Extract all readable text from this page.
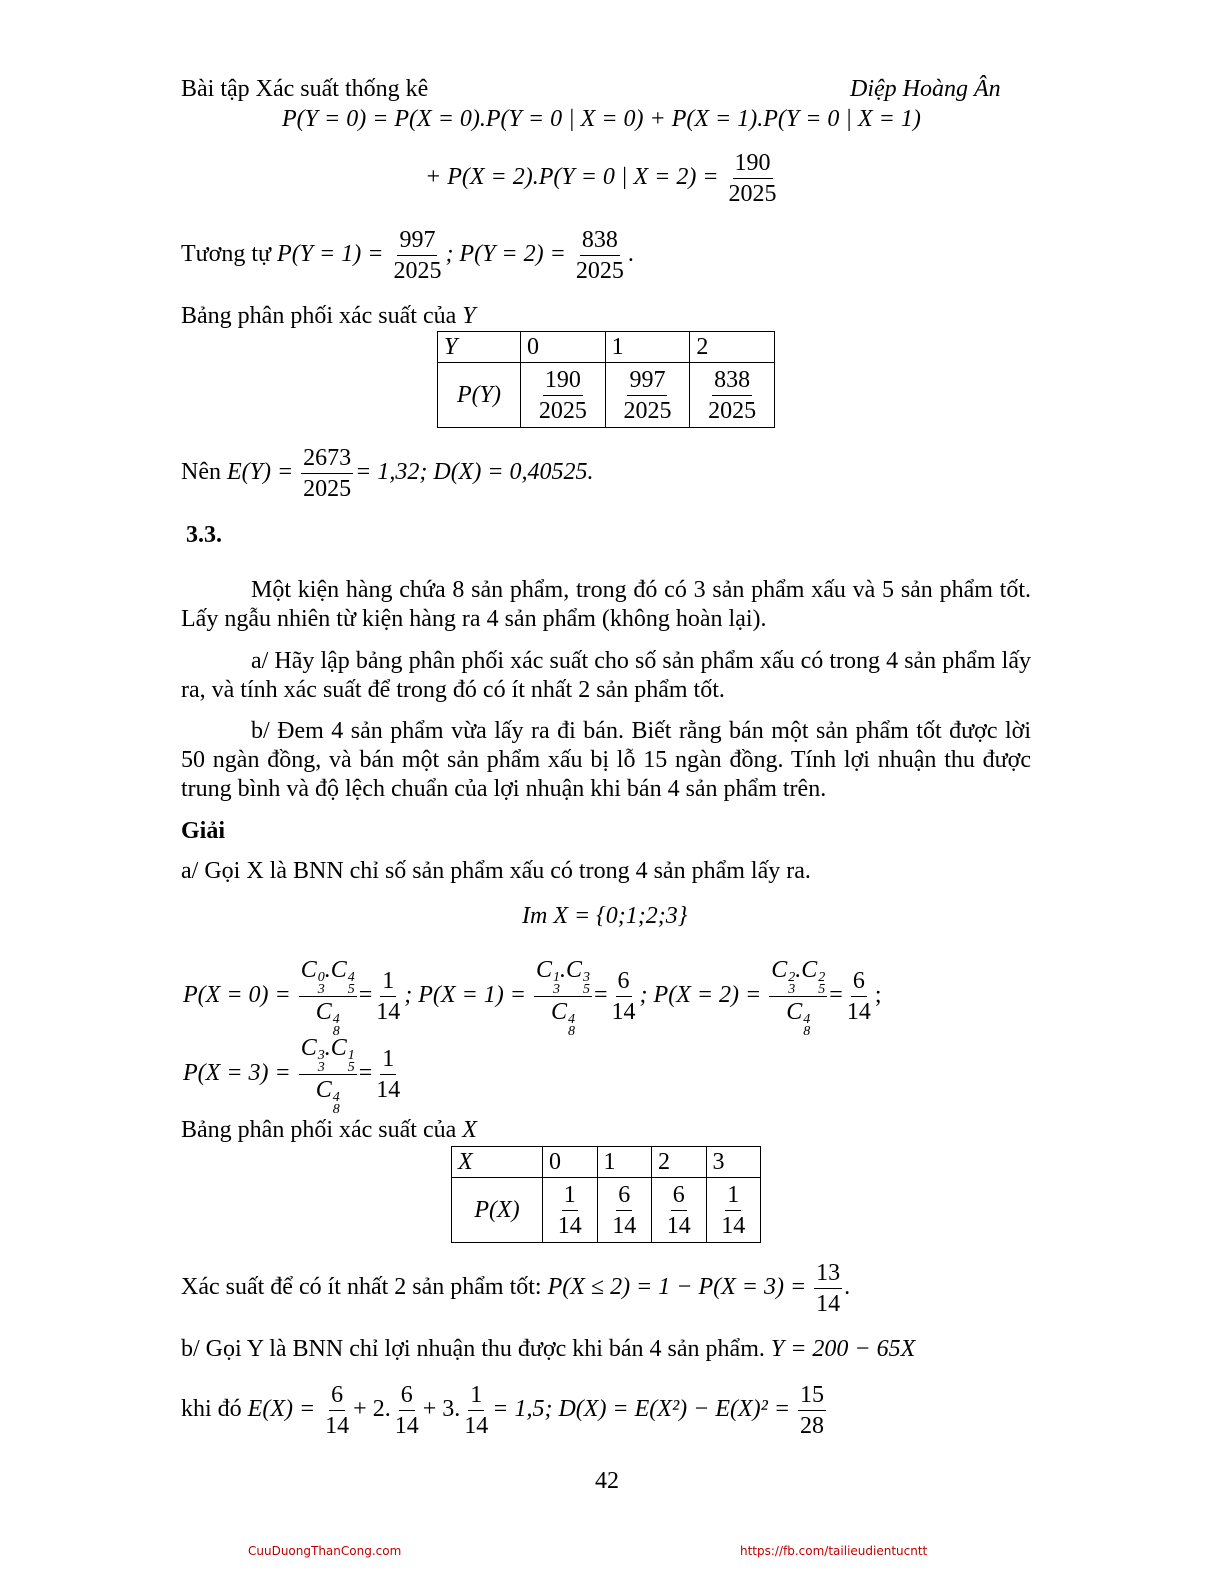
Bài tập Xác suất thống kê	Diệp Hoàng Ân
P(Y = 0) = P(X = 0).P(Y = 0 | X = 0) + P(X = 1).P(Y = 0 | X = 1)
+ P(X = 2).P(Y = 0 | $X = 2) = \frac{190}{2025}$
Tương tự $P(Y = 1) = \frac{997}{2025}$ ; $P(Y = 2) = \frac{838}{2025}$ .
Bảng phân phối xác suất của Y
Y	0	1	2
P(Y)	$\frac{190}{2025}$	$\frac{997}{2025}$	$\frac{838}{2025}$
Nên $E(Y) = \frac{2673}{2025} = 1,32$; D(X) = 0,40525.
3.3.
Một kiện hàng chứa 8 sản phẩm, trong đó có 3 sản phẩm xấu và 5 sản phẩm tốt. Lấy ngẫu nhiên từ kiện hàng ra 4 sản phẩm (không hoàn lại).
a/ Hãy lập bảng phân phối xác suất cho số sản phẩm xấu có trong 4 sản phẩm lấy ra, và tính xác suất để trong đó có ít nhất 2 sản phẩm tốt.
b/ Đem 4 sản phẩm vừa lấy ra đi bán. Biết rằng bán một sản phẩm tốt được lời 50 ngàn đồng, và bán một sản phẩm xấu bị lỗ 15 ngàn đồng. Tính lợi nhuận thu được trung bình và độ lệch chuẩn của lợi nhuận khi bán 4 sản phẩm trên.
Giải
a/ Gọi X là BNN chỉ số sản phẩm xấu có trong 4 sản phẩm lấy ra.
Im X = {0;1;2;3}
P(X = 0) = C 0
3
.C 4
5
C 4
$8 = \frac{1}{14}$ ; P(X = 1) = C 1
3
.C 3
5
C 4
$8 = \frac{6}{14}$ ; P(X = 2) = C 2
3
.C 2
5
C 4
$8 = \frac{6}{14}$ ;
P(X = 3) = C 3
3
.C 1
5
C 4
$8 = \frac{1}{14}$
Bảng phân phối xác suất của X
X	0	1	2	3
P(X)	$\frac{1}{14}$	$\frac{6}{14}$	$\frac{6}{14}$	$\frac{1}{14}$
Xác suất để có ít nhất 2 sản phẩm tốt: $P(X \le 2) = 1 - P(X = 3) = \frac{13}{14}$ .
b/ Gọi Y là BNN chỉ lợi nhuận thu được khi bán 4 sản phẩm. Y = 200 − 65X
khi đó $E(X) = \frac{6}{14} + 2$. $\frac{6}{14} + 3$. $\frac{1}{14} = 1,5$; $D(X) = E(X^2) - E(X)^2 = \frac{15}{28}$
42
CuuDuongThanCong.com	https://fb.com/tailieudientucntt
